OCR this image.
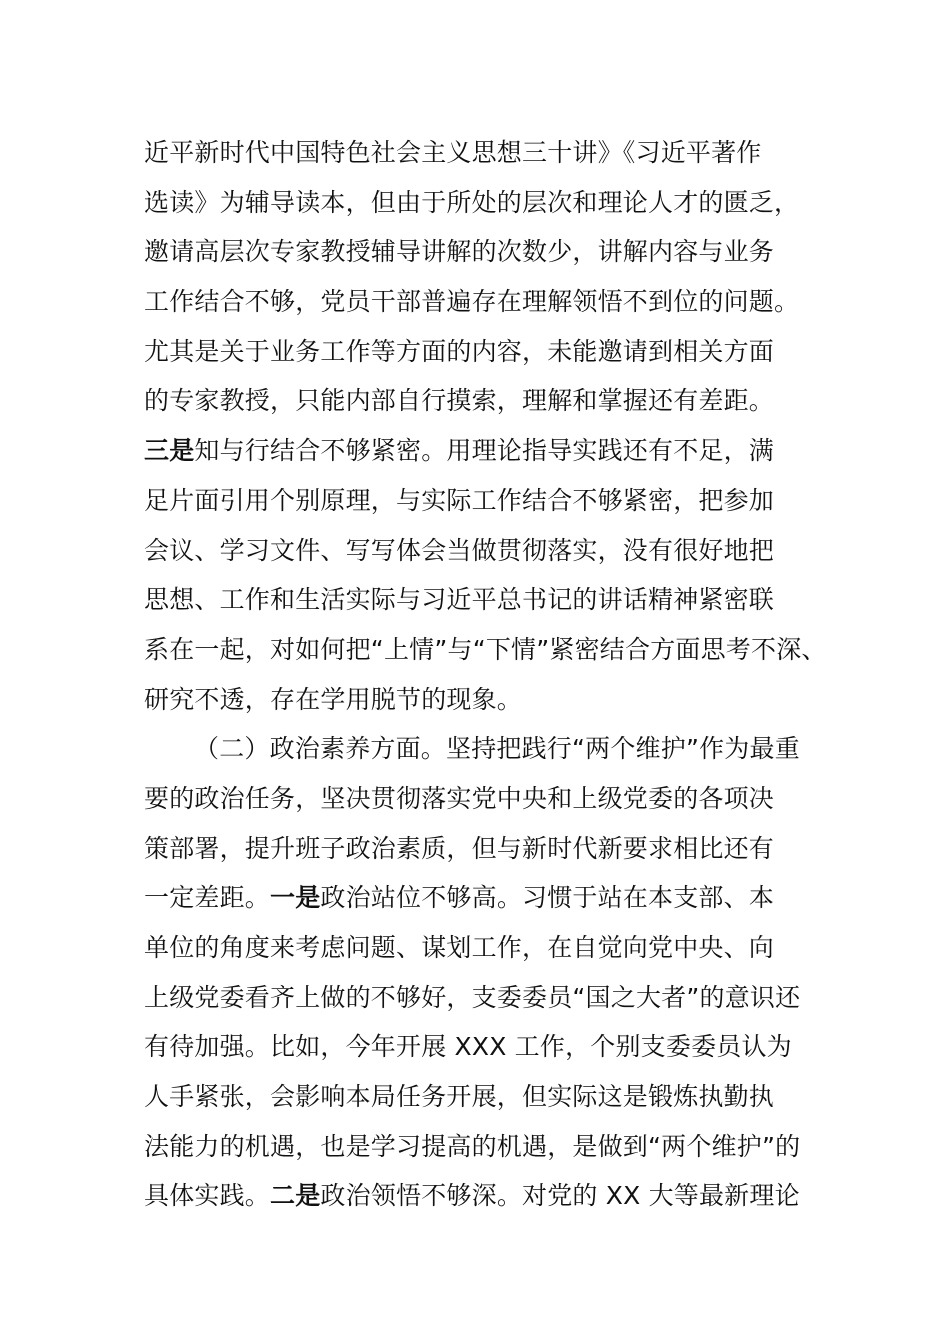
近平新时代中国特色社会主义思想三十讲》《习近平著作
选读》为辅导读本，但由于所处的层次和理论人才的匮乏，
邀请高层次专家教授辅导讲解的次数少，讲解内容与业务
工作结合不够，党员干部普遍存在理解领悟不到位的问题。
尤其是关于业务工作等方面的内容，未能邀请到相关方面
的专家教授，只能内部自行摸索，理解和掌握还有差距。
三是知与行结合不够紧密。用理论指导实践还有不足，满
足片面引用个别原理，与实际工作结合不够紧密，把参加
会议、学习文件、写写体会当做贯彻落实，没有很好地把
思想、工作和生活实际与习近平总书记的讲话精神紧密联
系在一起，对如何把“上情”与“下情”紧密结合方面思考不深、
研究不透，存在学用脱节的现象。
（二）政治素养方面。坚持把践行“两个维护”作为最重
要的政治任务，坚决贯彻落实党中央和上级党委的各项决
策部署，提升班子政治素质，但与新时代新要求相比还有
一定差距。一是政治站位不够高。习惯于站在本支部、本
单位的角度来考虑问题、谋划工作，在自觉向党中央、向
上级党委看齐上做的不够好，支委委员“国之大者”的意识还
有待加强。比如，今年开展 XXX 工作，个别支委委员认为
人手紧张，会影响本局任务开展，但实际这是锻炼执勤执
法能力的机遇，也是学习提高的机遇，是做到“两个维护”的
具体实践。二是政治领悟不够深。对党的 XX 大等最新理论
